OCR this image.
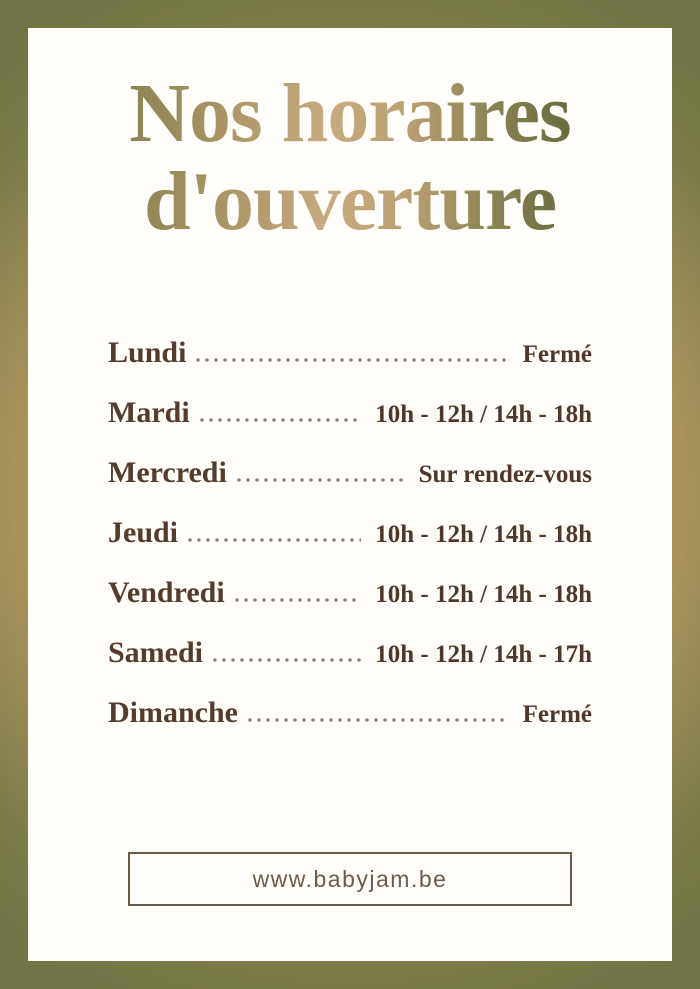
Nos horaires
d'ouverture
Lundi	Fermé
Mardi	10h - 12h / 14h - 18h
Mercredi	Sur rendez-vous
Jeudi	10h - 12h / 14h - 18h
Vendredi	10h - 12h / 14h - 18h
Samedi	10h - 12h / 14h - 17h
Dimanche	Fermé
www.babyjam.be
